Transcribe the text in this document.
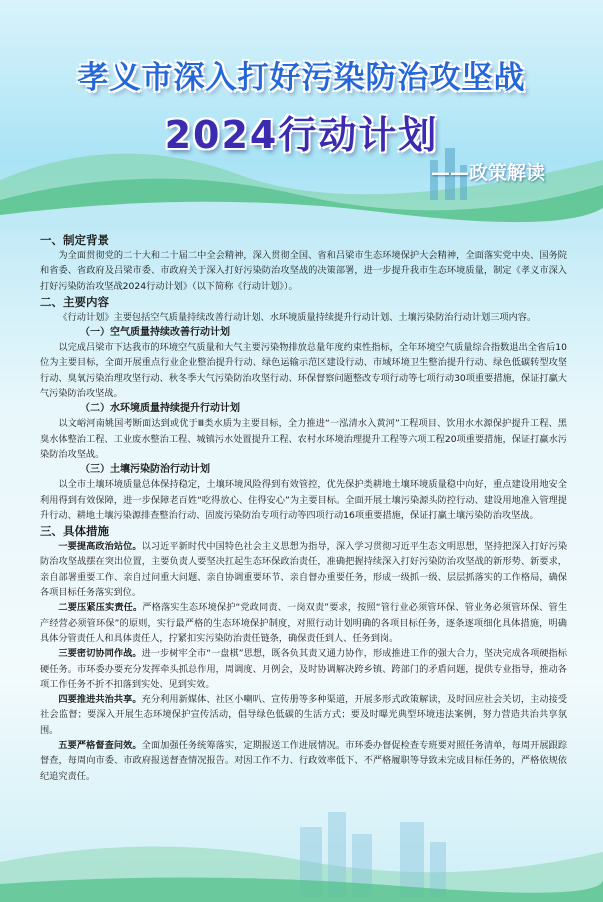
孝义市深入打好污染防治攻坚战
2024行动计划
——政策解读

一、制定背景

为全面贯彻党的二十大和二十届二中全会精神，深入贯彻全国、省和吕梁市生态环境保护大会精神，全面落实党中央、国务院和省委、省政府及吕梁市委、市政府关于深入打好污染防治攻坚战的决策部署，进一步提升我市生态环境质量，制定《孝义市深入打好污染防治攻坚战2024行动计划》（以下简称《行动计划》）。

二、主要内容

《行动计划》主要包括空气质量持续改善行动计划、水环境质量持续提升行动计划、土壤污染防治行动计划三项内容。

（一）空气质量持续改善行动计划

以完成吕梁市下达我市的环境空气质量和大气主要污染物排放总量年度约束性指标，全年环境空气质量综合指数退出全省后10位为主要目标，全面开展重点行业企业整治提升行动、绿色运输示范区建设行动、市域环境卫生整治提升行动、绿色低碳转型攻坚行动、臭氧污染治理攻坚行动、秋冬季大气污染防治攻坚行动、环保督察问题整改专项行动等七项行动30项重要措施，保证打赢大气污染防治攻坚战。

（二）水环境质量持续提升行动计划

以文峪河南姚国考断面达到或优于Ⅲ类水质为主要目标，全力推进“一泓清水入黄河”工程项目、饮用水水源保护提升工程、黑臭水体整治工程、工业废水整治工程、城镇污水处置提升工程、农村水环境治理提升工程等六项工程20项重要措施，保证打赢水污染防治攻坚战。

（三）土壤污染防治行动计划

以全市土壤环境质量总体保持稳定，土壤环境风险得到有效管控，优先保护类耕地土壤环境质量稳中向好，重点建设用地安全利用得到有效保障，进一步保障老百姓“吃得放心、住得安心”为主要目标。全面开展土壤污染源头防控行动、建设用地准入管理提升行动、耕地土壤污染源排查整治行动、固废污染防治专项行动等四项行动16项重要措施，保证打赢土壤污染防治攻坚战。

三、具体措施

一要提高政治站位。以习近平新时代中国特色社会主义思想为指导，深入学习贯彻习近平生态文明思想，坚持把深入打好污染防治攻坚战摆在突出位置，主要负责人要坚决扛起生态环保政治责任，准确把握持续深入打好污染防治攻坚战的新形势、新要求，亲自部署重要工作、亲自过问重大问题、亲自协调重要环节、亲自督办重要任务，形成一级抓一级、层层抓落实的工作格局，确保各项目标任务落实到位。

二要压紧压实责任。严格落实生态环境保护“党政同责、一岗双责”要求，按照“管行业必须管环保、管业务必须管环保、管生产经营必须管环保”的原则，实行最严格的生态环境保护制度，对照行动计划明确的各项目标任务，逐条逐项细化具体措施，明确具体分管责任人和具体责任人，拧紧扣实污染防治责任链条，确保责任到人、任务到岗。

三要密切协同作战。进一步树牢全市“一盘棋”思想，既各负其责又通力协作，形成推进工作的强大合力，坚决完成各项硬指标硬任务。市环委办要充分发挥牵头抓总作用，周调度、月例会，及时协调解决跨乡镇、跨部门的矛盾问题，提供专业指导，推动各项工作任务不折不扣落到实处、见到实效。

四要推进共治共享。充分利用新媒体、社区小喇叭、宣传册等多种渠道，开展多形式政策解读，及时回应社会关切，主动接受社会监督；要深入开展生态环境保护宣传活动，倡导绿色低碳的生活方式；要及时曝光典型环境违法案例，努力营造共治共享氛围。

五要严格督查问效。全面加强任务统筹落实，定期报送工作进展情况。市环委办督促检查专班要对照任务清单，每周开展跟踪督查，每周向市委、市政府报送督查情况报告。对因工作不力、行政效率低下、不严格履职等导致未完成目标任务的，严格依规依纪追究责任。
